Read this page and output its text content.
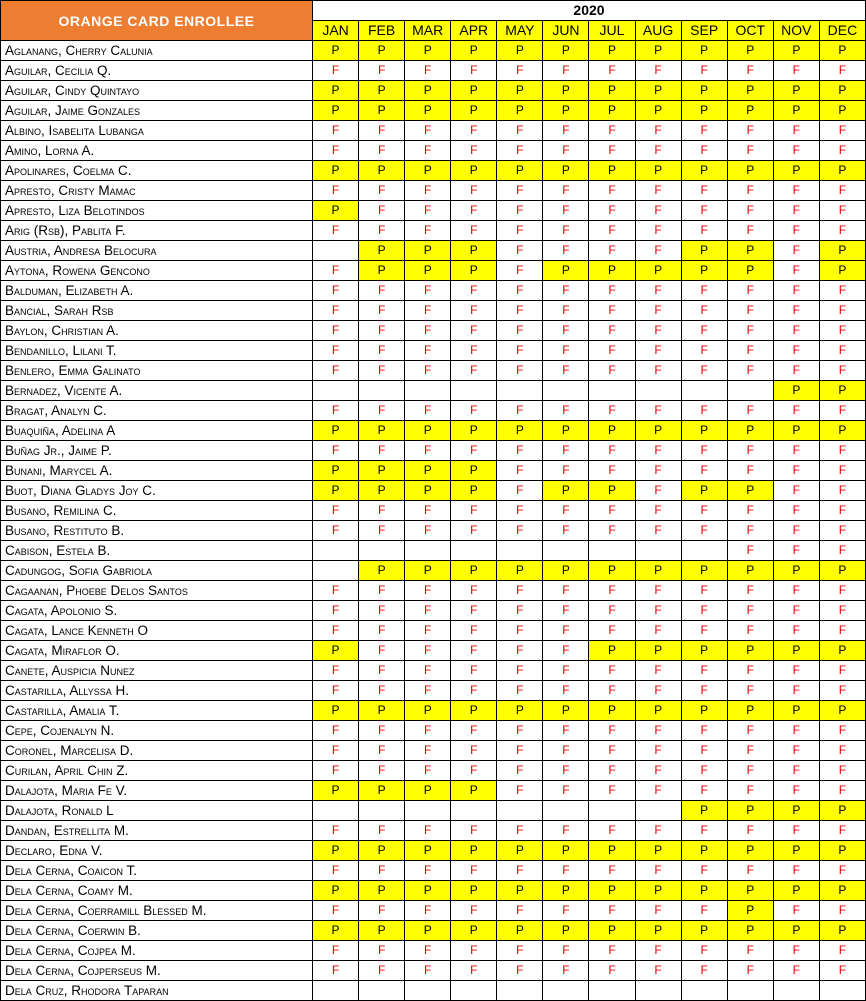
ORANGE CARD ENROLLEE	2020											
	JAN	FEB	MAR	APR	MAY	JUN	JUL	AUG	SEP	OCT	NOV	DEC
Aglanang, Cherry Calunia	P	P	P	P	P	P	P	P	P	P	P	P
Aguilar, Cecilia Q.	F	F	F	F	F	F	F	F	F	F	F	F
Aguilar, Cindy Quintayo	P	P	P	P	P	P	P	P	P	P	P	P
Aguilar, Jaime Gonzales	P	P	P	P	P	P	P	P	P	P	P	P
Albino, Isabelita Lubanga	F	F	F	F	F	F	F	F	F	F	F	F
Amino, Lorna A.	F	F	F	F	F	F	F	F	F	F	F	F
Apolinares, Coelma C.	P	P	P	P	P	P	P	P	P	P	P	P
Apresto, Cristy Mamac	F	F	F	F	F	F	F	F	F	F	F	F
Apresto, Liza Belotindos	P	F	F	F	F	F	F	F	F	F	F	F
Arig (Rsb), Pablita F.	F	F	F	F	F	F	F	F	F	F	F	F
Austria, Andresa Belocura		P	P	P	F	F	F	F	P	P	F	P
Aytona, Rowena Gencono	F	P	P	P	F	P	P	P	P	P	F	P
Balduman, Elizabeth A.	F	F	F	F	F	F	F	F	F	F	F	F
Bancial, Sarah Rsb	F	F	F	F	F	F	F	F	F	F	F	F
Baylon, Christian A.	F	F	F	F	F	F	F	F	F	F	F	F
Bendanillo, Lilani T.	F	F	F	F	F	F	F	F	F	F	F	F
Benlero, Emma Galinato	F	F	F	F	F	F	F	F	F	F	F	F
Bernadez, Vicente A.											P	P
Bragat, Analyn C.	F	F	F	F	F	F	F	F	F	F	F	F
Buaquiña, Adelina A	P	P	P	P	P	P	P	P	P	P	P	P
Buñag Jr., Jaime P.	F	F	F	F	F	F	F	F	F	F	F	F
Bunani, Marycel A.	P	P	P	P	F	F	F	F	F	F	F	F
Buot, Diana Gladys Joy C.	P	P	P	P	F	P	P	F	P	P	F	F
Busano, Remilina C.	F	F	F	F	F	F	F	F	F	F	F	F
Busano, Restituto B.	F	F	F	F	F	F	F	F	F	F	F	F
Cabison, Estela B.										F	F	F
Cadungog, Sofia Gabriola		P	P	P	P	P	P	P	P	P	P	P
Cagaanan, Phoebe Delos Santos	F	F	F	F	F	F	F	F	F	F	F	F
Cagata, Apolonio S.	F	F	F	F	F	F	F	F	F	F	F	F
Cagata, Lance Kenneth O	F	F	F	F	F	F	F	F	F	F	F	F
Cagata, Miraflor O.	P	F	F	F	F	F	P	P	P	P	P	P
Canete, Auspicia Nunez	F	F	F	F	F	F	F	F	F	F	F	F
Castarilla, Allyssa H.	F	F	F	F	F	F	F	F	F	F	F	F
Castarilla, Amalia T.	P	P	P	P	P	P	P	P	P	P	P	P
Cepe, Cojenalyn N.	F	F	F	F	F	F	F	F	F	F	F	F
Coronel, Marcelisa D.	F	F	F	F	F	F	F	F	F	F	F	F
Curilan, April Chin Z.	F	F	F	F	F	F	F	F	F	F	F	F
Dalajota, Maria Fe V.	P	P	P	P	F	F	F	F	F	F	F	F
Dalajota, Ronald L									P	P	P	P
Dandan, Estrellita M.	F	F	F	F	F	F	F	F	F	F	F	F
Declaro, Edna V.	P	P	P	P	P	P	P	P	P	P	P	P
Dela Cerna, Coaicon T.	F	F	F	F	F	F	F	F	F	F	F	F
Dela Cerna, Coamy M.	P	P	P	P	P	P	P	P	P	P	P	P
Dela Cerna, Coerramill Blessed M.	F	F	F	F	F	F	F	F	F	P	F	F
Dela Cerna, Coerwin B.	P	P	P	P	P	P	P	P	P	P	P	P
Dela Cerna, Cojpea M.	F	F	F	F	F	F	F	F	F	F	F	F
Dela Cerna, Cojperseus M.	F	F	F	F	F	F	F	F	F	F	F	F
Dela Cruz, Rhodora Taparan												
